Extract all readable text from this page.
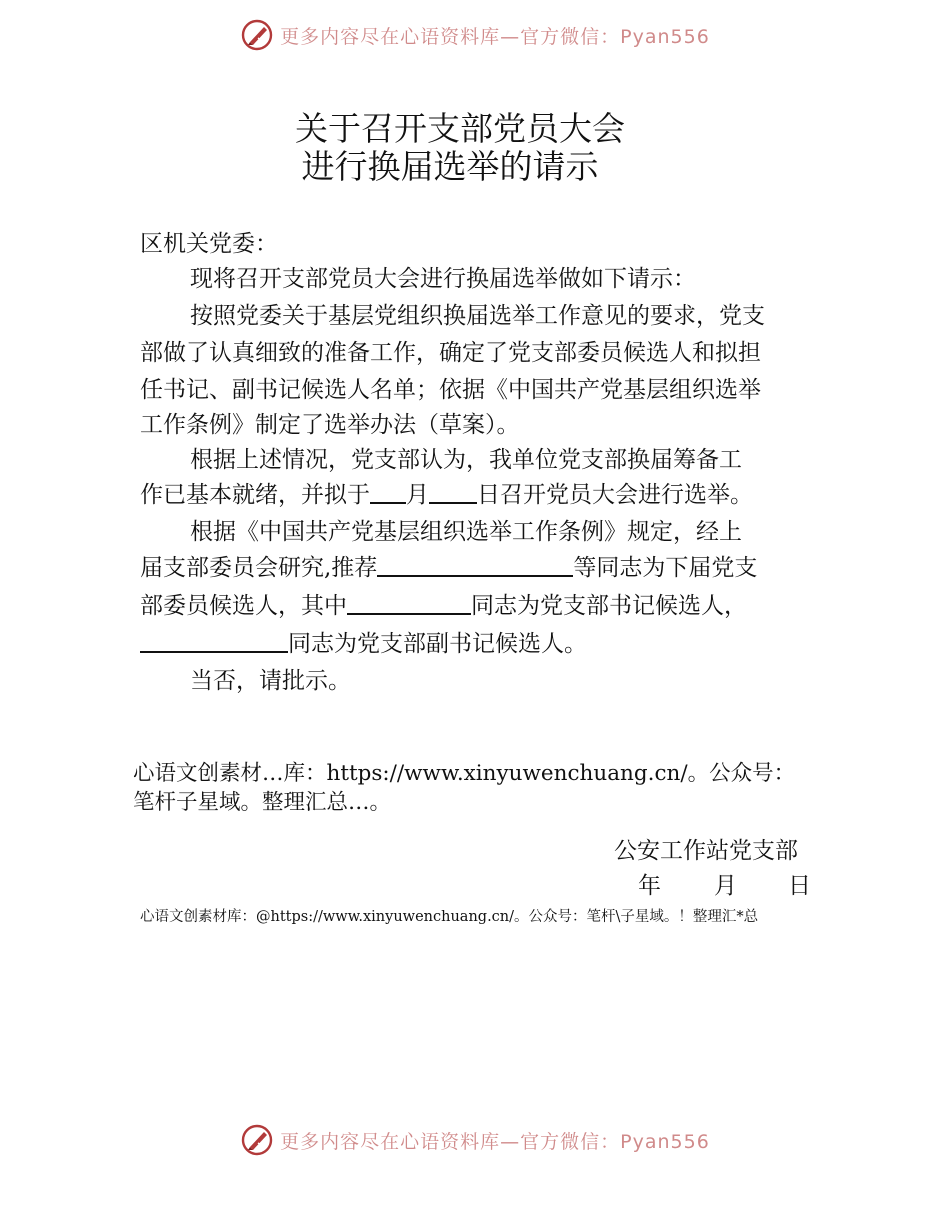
更多内容尽在心语资料库—官方微信：Pyan556
关于召开支部党员大会
进行换届选举的请示
区机关党委：
现将召开支部党员大会进行换届选举做如下请示：
按照党委关于基层党组织换届选举工作意见的要求，党支
部做了认真细致的准备工作，确定了党支部委员候选人和拟担
任书记、副书记候选人名单；依据《中国共产党基层组织选举
工作条例》制定了选举办法（草案）。
根据上述情况，党支部认为，我单位党支部换届筹备工
作已基本就绪，并拟于 月 日召开党员大会进行选举。
根据《中国共产党基层组织选举工作条例》规定，经上
届支部委员会研究,推荐	等同志为下届党支
部委员候选人，其中	同志为党支部书记候选人，
同志为党支部副书记候选人。
当否，请批示。
心语文创素材…库：https://www.xinyuwenchuang.cn/。公众号：
笔杆子星域。整理汇总…。
公安工作站党支部
年 月 日
心语文创素材库：@https://www.xinyuwenchuang.cn/。公众号：笔杆\子星域。！整理汇*总
更多内容尽在心语资料库—官方微信：Pyan556
